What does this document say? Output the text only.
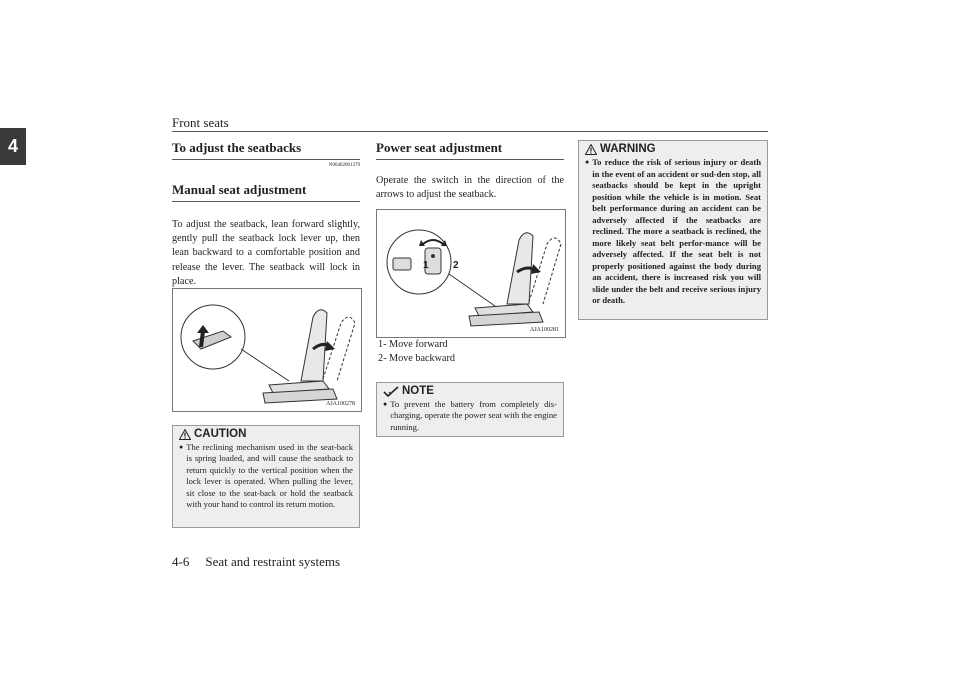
Front seats
4	To adjust the seatbacks
N00402001379
Manual seat adjustment
To adjust the seatback, lean forward slightly, gently pull the seatback lock lever up, then lean backward to a comfortable position and release the lever. The seatback will lock in place.
AJA100278
CAUTION
● The reclining mechanism used in the seat-back is spring loaded, and will cause the seatback to return quickly to the vertical position when the lock lever is operated. When pulling the lever, sit close to the seat-back or hold the seatback with your hand to control its return motion.
Power seat adjustment
Operate the switch in the direction of the arrows to adjust the seatback.
1 2
AJA100281
1- Move forward
2- Move backward
NOTE
● To prevent the battery from completely dis-charging, operate the power seat with the engine running.
WARNING
● To reduce the risk of serious injury or death in the event of an accident or sud-den stop, all seatbacks should be kept in the upright position while the vehicle is in motion. Seat belt performance during an accident can be adversely affected if the seatbacks are reclined. The more a seatback is reclined, the more likely seat belt perfor-mance will be adversely affected. If the seat belt is not properly positioned against the body during an accident, there is increased risk you will slide under the belt and receive serious injury or death.
4-6 Seat and restraint systems
